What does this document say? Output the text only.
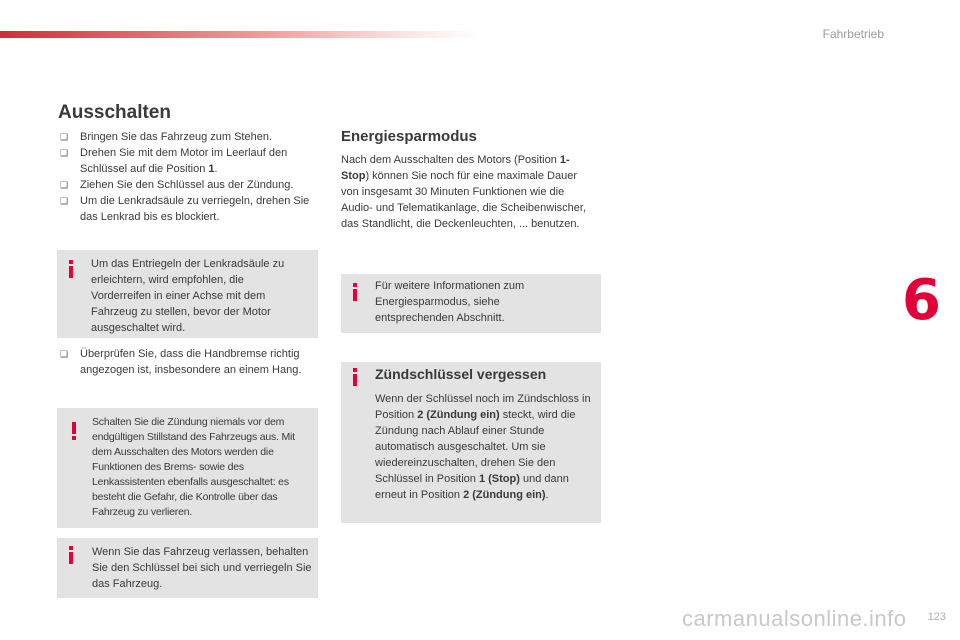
Fahrbetrieb
6
123
carmanualsonline.info
Ausschalten
❑ Bringen Sie das Fahrzeug zum Stehen.
❑ Drehen Sie mit dem Motor im Leerlauf den Schlüssel auf die Position 1.
❑ Ziehen Sie den Schlüssel aus der Zündung.
❑ Um die Lenkradsäule zu verriegeln, drehen Sie das Lenkrad bis es blockiert.
Um das Entriegeln der Lenkradsäule zu erleichtern, wird empfohlen, die Vorderreifen in einer Achse mit dem Fahrzeug zu stellen, bevor der Motor ausgeschaltet wird.
❑ Überprüfen Sie, dass die Handbremse richtig angezogen ist, insbesondere an einem Hang.
Schalten Sie die Zündung niemals vor dem endgültigen Stillstand des Fahrzeugs aus. Mit dem Ausschalten des Motors werden die Funktionen des Brems- sowie des Lenkassistenten ebenfalls ausgeschaltet: es besteht die Gefahr, die Kontrolle über das Fahrzeug zu verlieren.
Wenn Sie das Fahrzeug verlassen, behalten Sie den Schlüssel bei sich und verriegeln Sie das Fahrzeug.
Energiesparmodus
Nach dem Ausschalten des Motors (Position 1-Stop) können Sie noch für eine maximale Dauer von insgesamt 30 Minuten Funktionen wie die Audio- und Telematikanlage, die Scheibenwischer, das Standlicht, die Deckenleuchten, ... benutzen.
Für weitere Informationen zum Energiesparmodus, siehe entsprechenden Abschnitt.
Zündschlüssel vergessen
Wenn der Schlüssel noch im Zündschloss in Position 2 (Zündung ein) steckt, wird die Zündung nach Ablauf einer Stunde automatisch ausgeschaltet. Um sie wiedereinzuschalten, drehen Sie den Schlüssel in Position 1 (Stop) und dann erneut in Position 2 (Zündung ein).
